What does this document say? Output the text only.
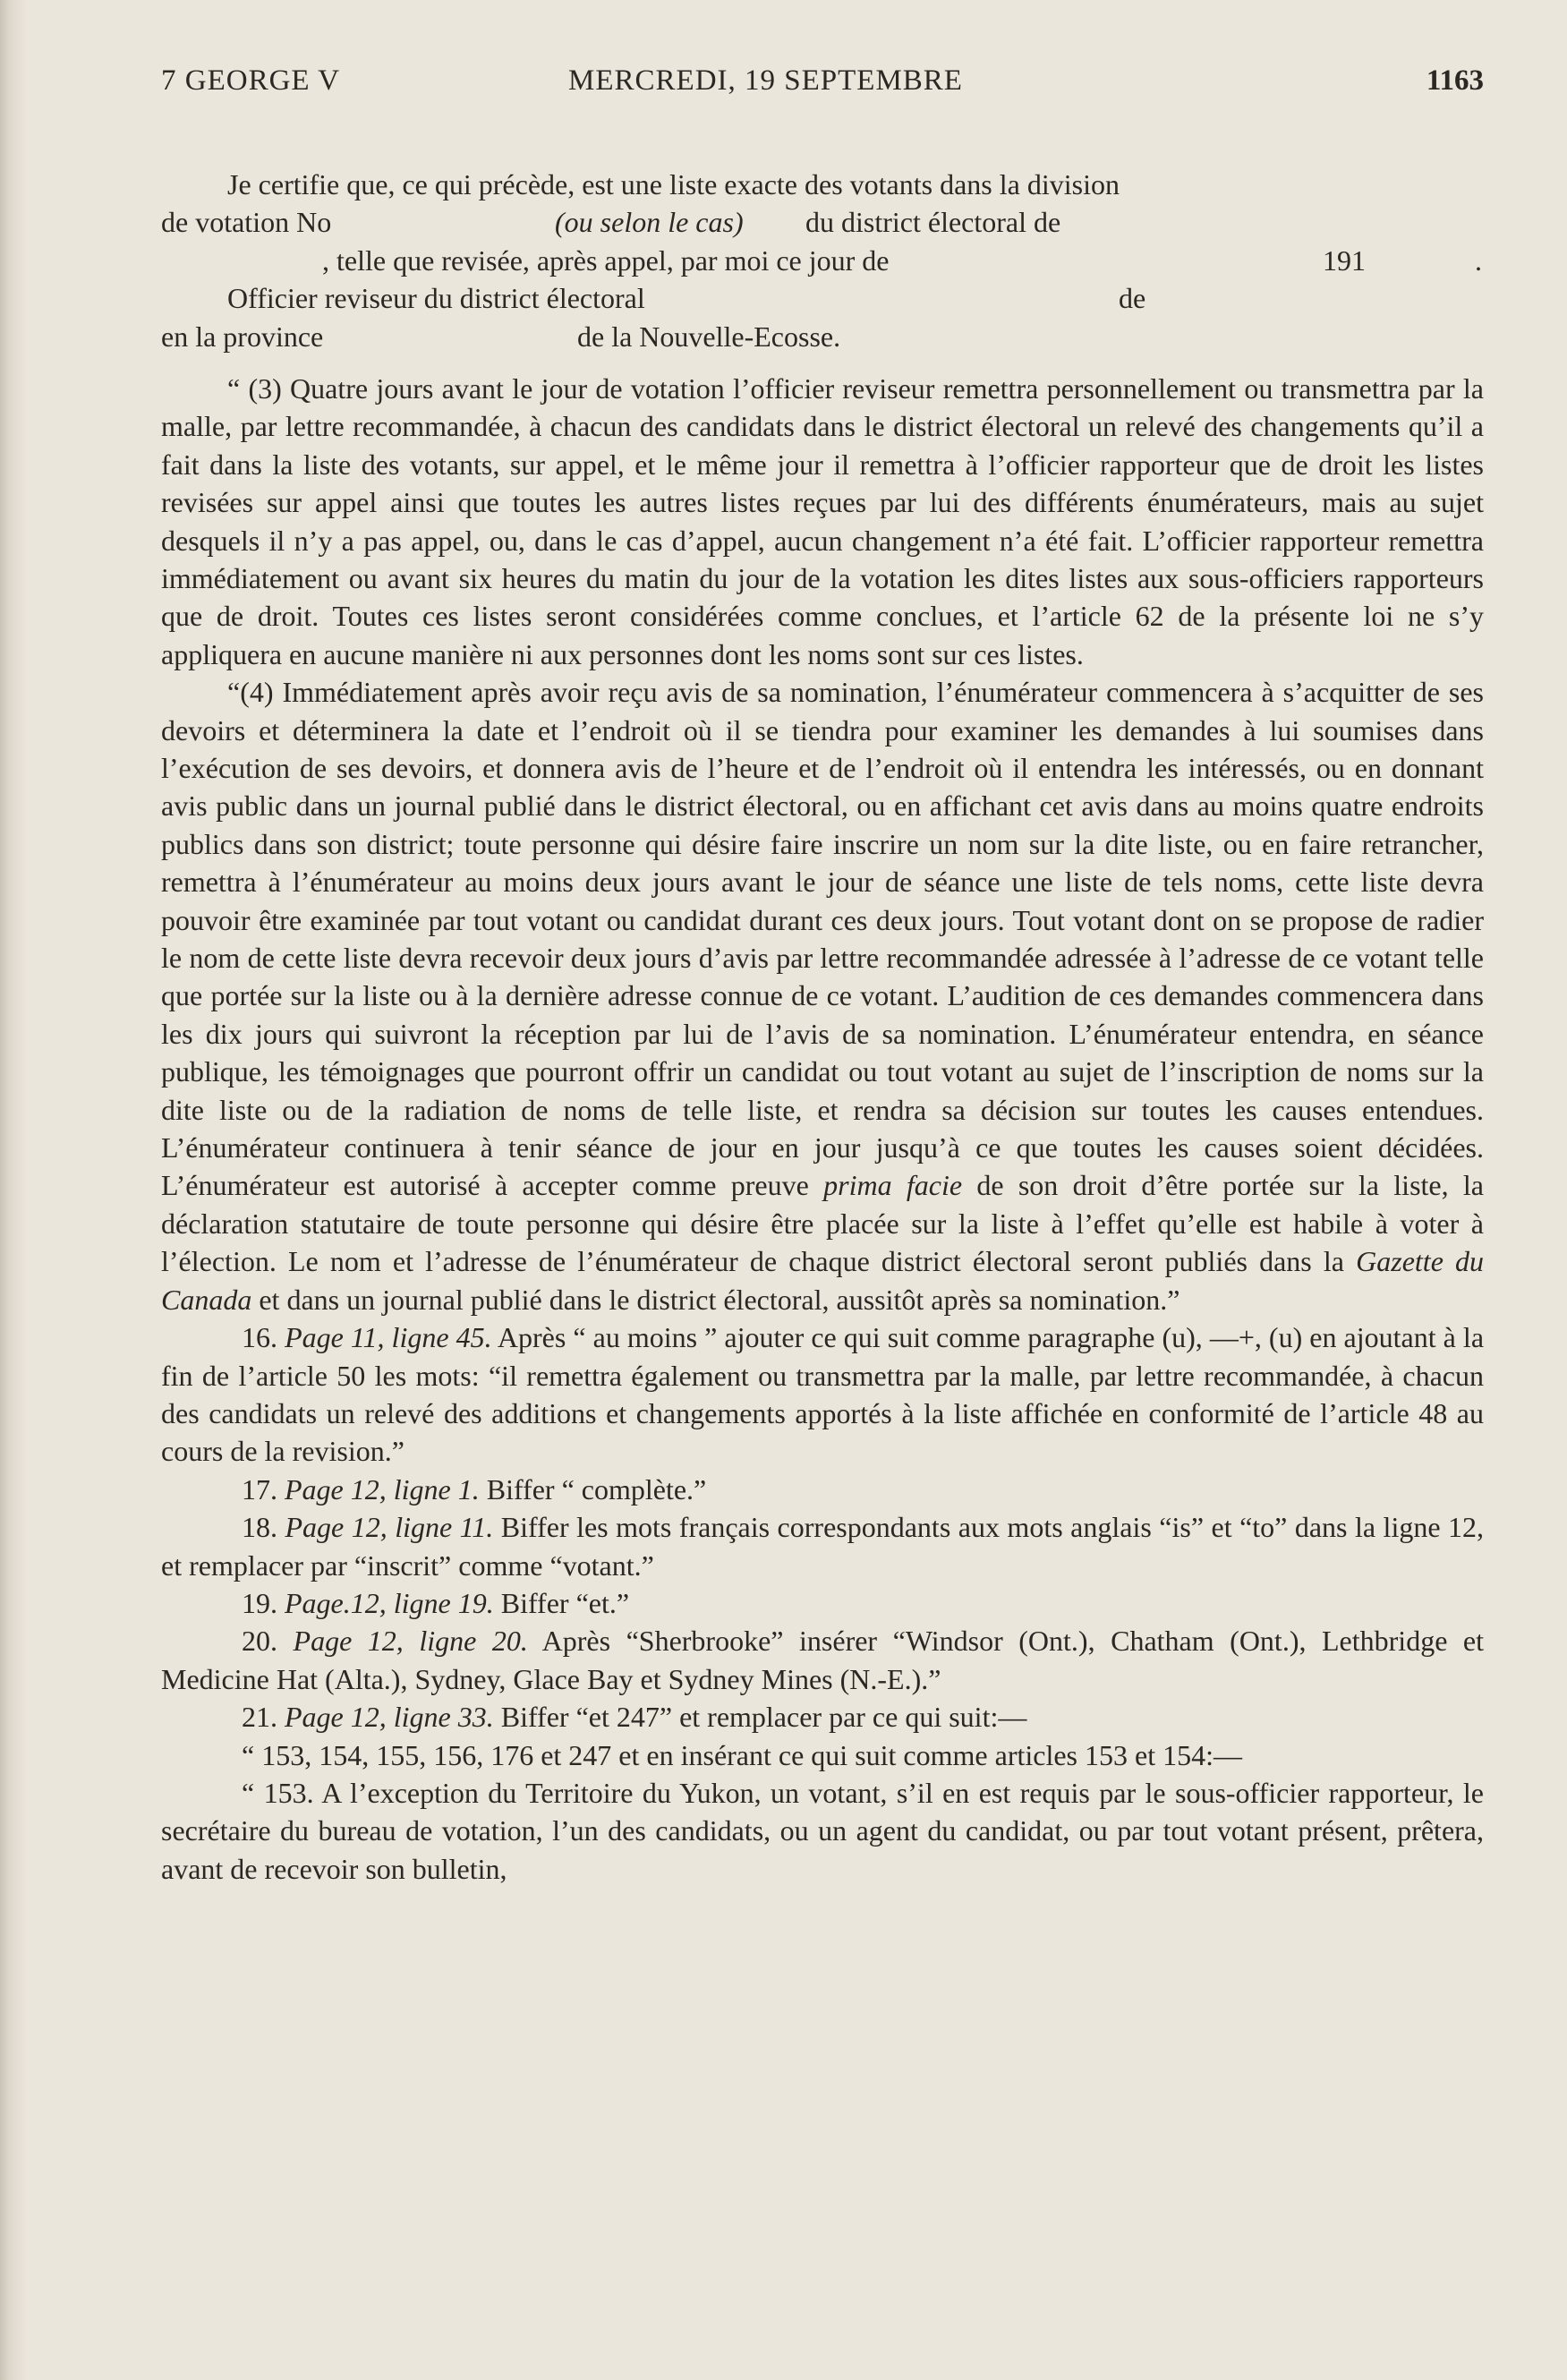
7 GEORGE V	MERCREDI, 19 SEPTEMBRE	1163

Je certifie que, ce qui précède, est une liste exacte des votants dans la division

de votation No

	(ou selon le cas)

du district électoral de

, telle que revisée, après appel, par moi ce jour de

	191

	.

Officier reviseur du district électoral

	de

en la province

	de la Nouvelle-Ecosse.

“ (3) Quatre jours avant le jour de votation l’officier reviseur remettra personnellement ou transmettra par la malle, par lettre recommandée, à chacun des candidats dans le district électoral un relevé des changements qu’il a fait dans la liste des votants, sur appel, et le même jour il remettra à l’officier rapporteur que de droit les listes revisées sur appel ainsi que toutes les autres listes reçues par lui des différents énumérateurs, mais au sujet desquels il n’y a pas appel, ou, dans le cas d’appel, aucun changement n’a été fait. L’officier rapporteur remettra immédiatement ou avant six heures du matin du jour de la votation les dites listes aux sous-officiers rapporteurs que de droit. Toutes ces listes seront considérées comme conclues, et l’article 62 de la présente loi ne s’y appliquera en aucune manière ni aux personnes dont les noms sont sur ces listes.

“(4) Immédiatement après avoir reçu avis de sa nomination, l’énumérateur commencera à s’acquitter de ses devoirs et déterminera la date et l’endroit où il se tiendra pour examiner les demandes à lui soumises dans l’exécution de ses devoirs, et donnera avis de l’heure et de l’endroit où il entendra les intéressés, ou en donnant avis public dans un journal publié dans le district électoral, ou en affichant cet avis dans au moins quatre endroits publics dans son district; toute personne qui désire faire inscrire un nom sur la dite liste, ou en faire retrancher, remettra à l’énumérateur au moins deux jours avant le jour de séance une liste de tels noms, cette liste devra pouvoir être examinée par tout votant ou candidat durant ces deux jours. Tout votant dont on se propose de radier le nom de cette liste devra recevoir deux jours d’avis par lettre recommandée adressée à l’adresse de ce votant telle que portée sur la liste ou à la dernière adresse connue de ce votant. L’audition de ces demandes commencera dans les dix jours qui suivront la réception par lui de l’avis de sa nomination. L’énumérateur entendra, en séance publique, les témoignages que pourront offrir un candidat ou tout votant au sujet de l’inscription de noms sur la dite liste ou de la radiation de noms de telle liste, et rendra sa décision sur toutes les causes entendues. L’énumérateur continuera à tenir séance de jour en jour jusqu’à ce que toutes les causes soient décidées. L’énumérateur est autorisé à accepter comme preuve prima facie de son droit d’être portée sur la liste, la déclaration statutaire de toute personne qui désire être placée sur la liste à l’effet qu’elle est habile à voter à l’élection. Le nom et l’adresse de l’énumérateur de chaque district électoral seront publiés dans la Gazette du Canada et dans un journal publié dans le district électoral, aussitôt après sa nomination.”

16. Page 11, ligne 45. Après “ au moins ” ajouter ce qui suit comme paragraphe (u), —+, (u) en ajoutant à la fin de l’article 50 les mots: “il remettra également ou transmettra par la malle, par lettre recommandée, à chacun des candidats un relevé des additions et changements apportés à la liste affichée en conformité de l’article 48 au cours de la revision.”

17. Page 12, ligne 1. Biffer “ complète.”

18. Page 12, ligne 11. Biffer les mots français correspondants aux mots anglais “is” et “to” dans la ligne 12, et remplacer par “inscrit” comme “votant.”

19. Page.12, ligne 19. Biffer “et.”

20. Page 12, ligne 20. Après “Sherbrooke” insérer “Windsor (Ont.), Chatham (Ont.), Lethbridge et Medicine Hat (Alta.), Sydney, Glace Bay et Sydney Mines (N.-E.).”

21. Page 12, ligne 33. Biffer “et 247” et remplacer par ce qui suit:—

“ 153, 154, 155, 156, 176 et 247 et en insérant ce qui suit comme articles 153 et 154:—

“ 153. A l’exception du Territoire du Yukon, un votant, s’il en est requis par le sous-officier rapporteur, le secrétaire du bureau de votation, l’un des candidats, ou un agent du candidat, ou par tout votant présent, prêtera, avant de recevoir son bulletin,
